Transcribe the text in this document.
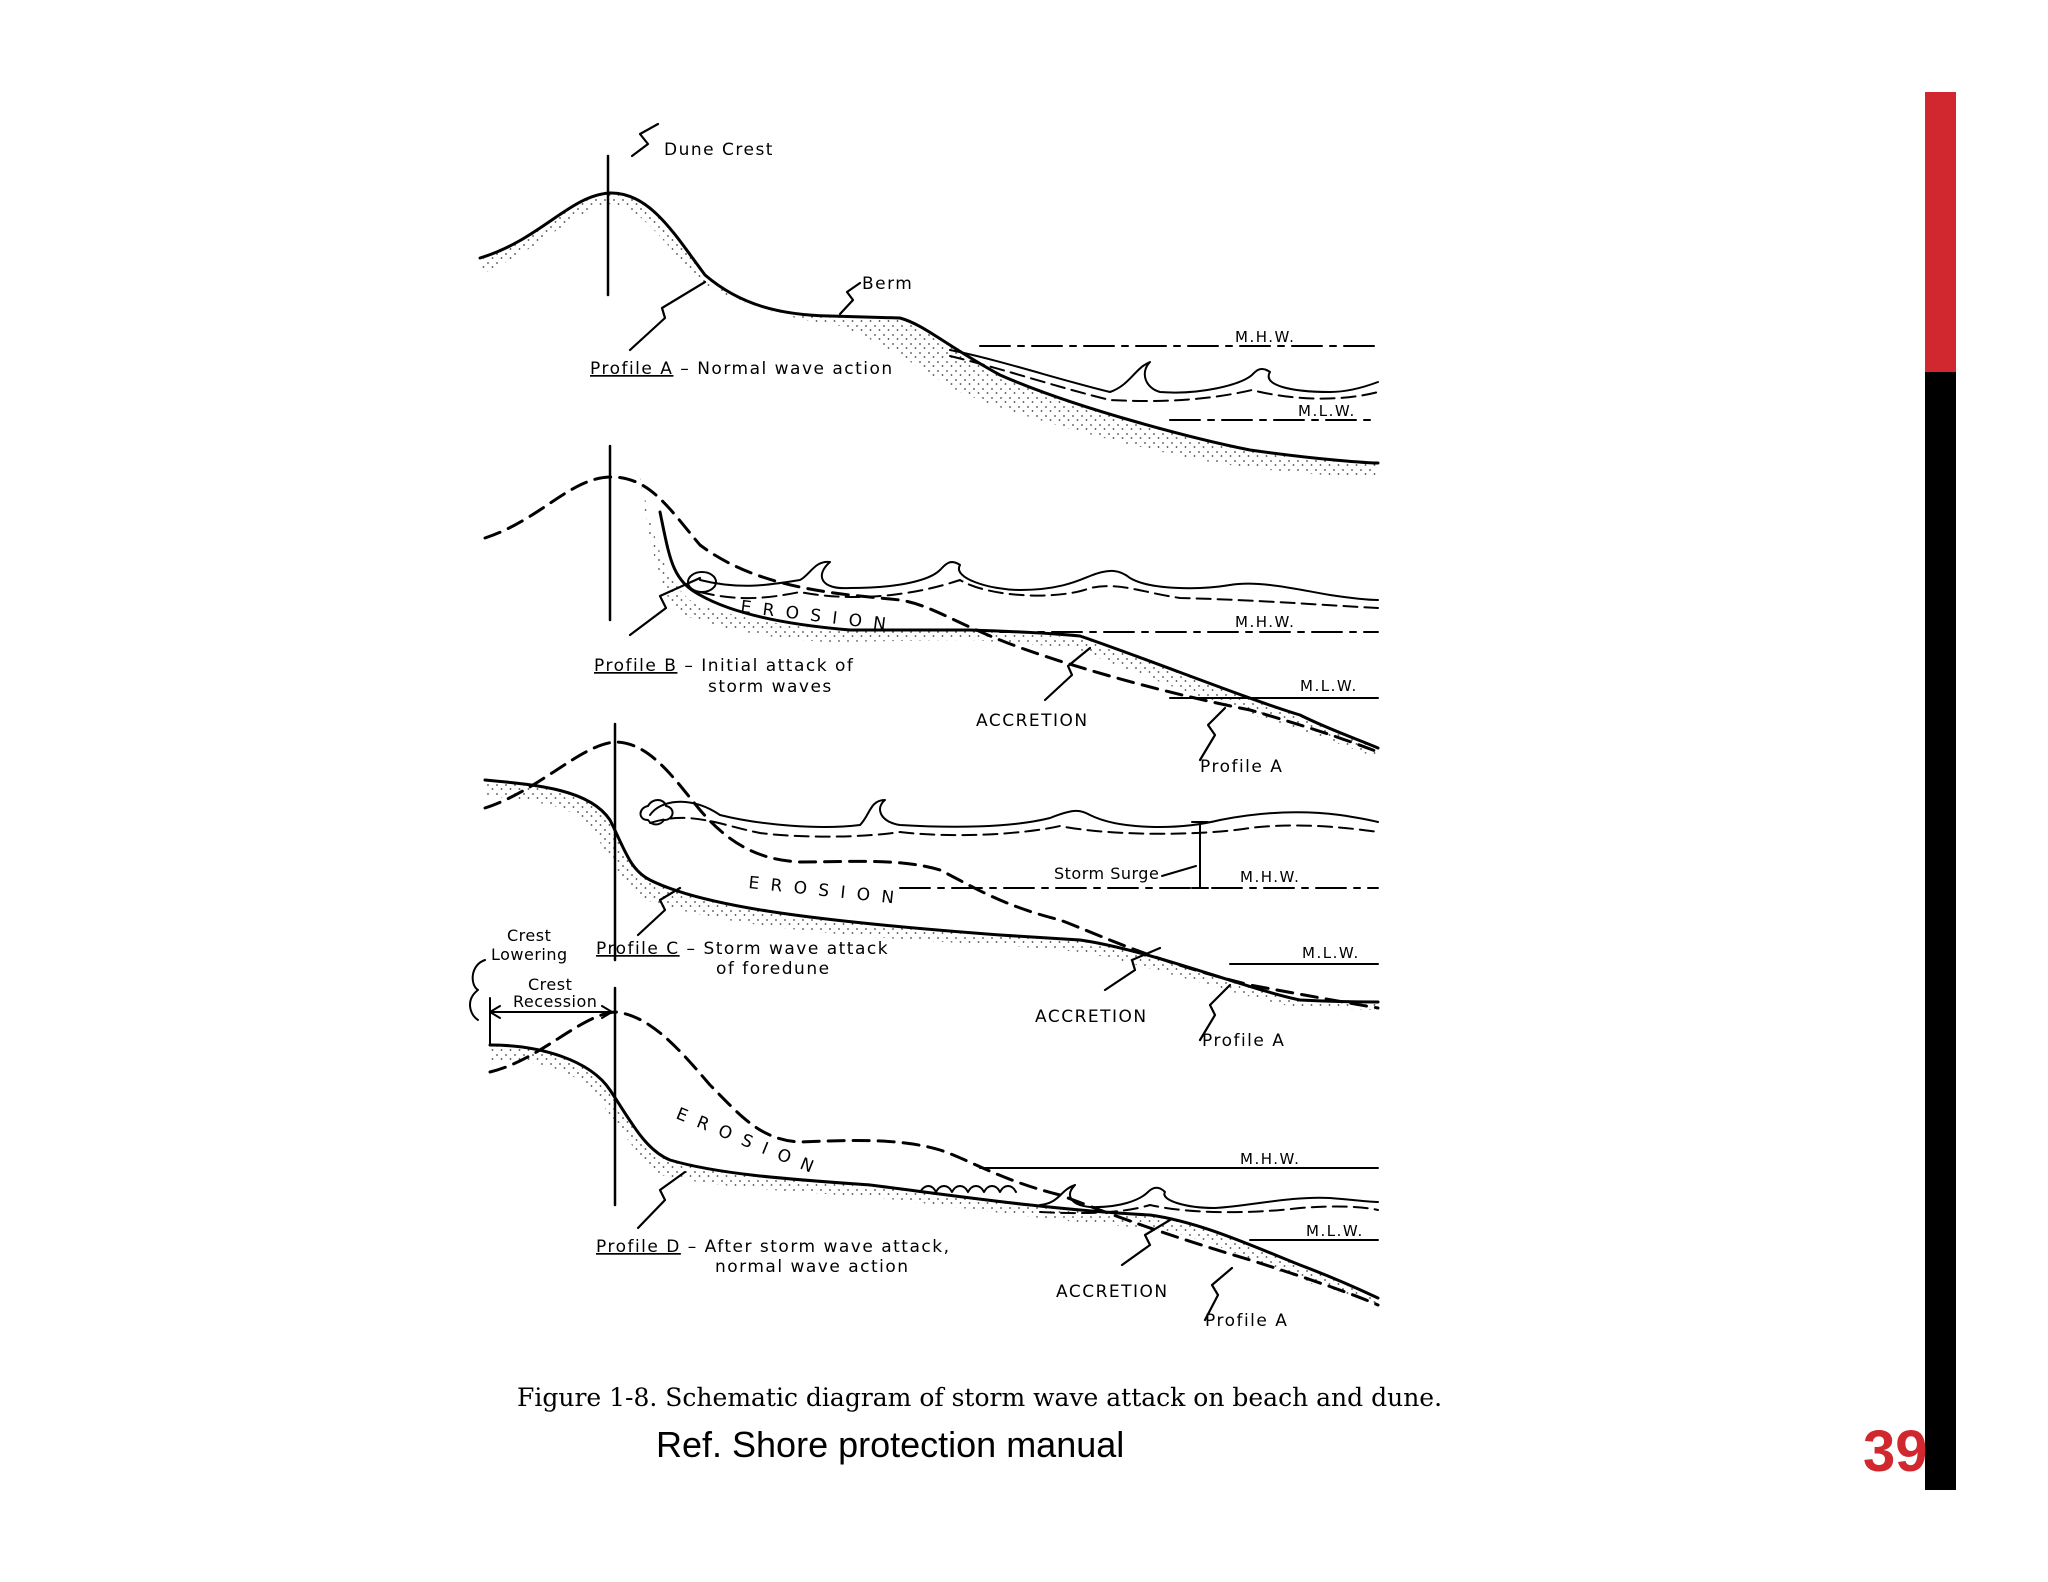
Dune Crest
Berm
Profile A – Normal wave action
M.H.W.
M.L.W.
E R O S I O N
Profile B – Initial attack of
storm waves
M.H.W.
M.L.W.
ACCRETION
Profile A
Storm Surge	M.H.W.
E R O S I O N
Crest
Lowering Profile C – Storm wave attack
of foredune
M.L.W.
ACCRETION
Profile A
Crest
Recession
E R O S I O N	M.H.W.
M.L.W.
Profile D – After storm wave attack,
normal wave action
ACCRETION
Profile A
Figure 1-8. Schematic diagram of storm wave attack on beach and dune.
Ref. Shore protection manual	39
